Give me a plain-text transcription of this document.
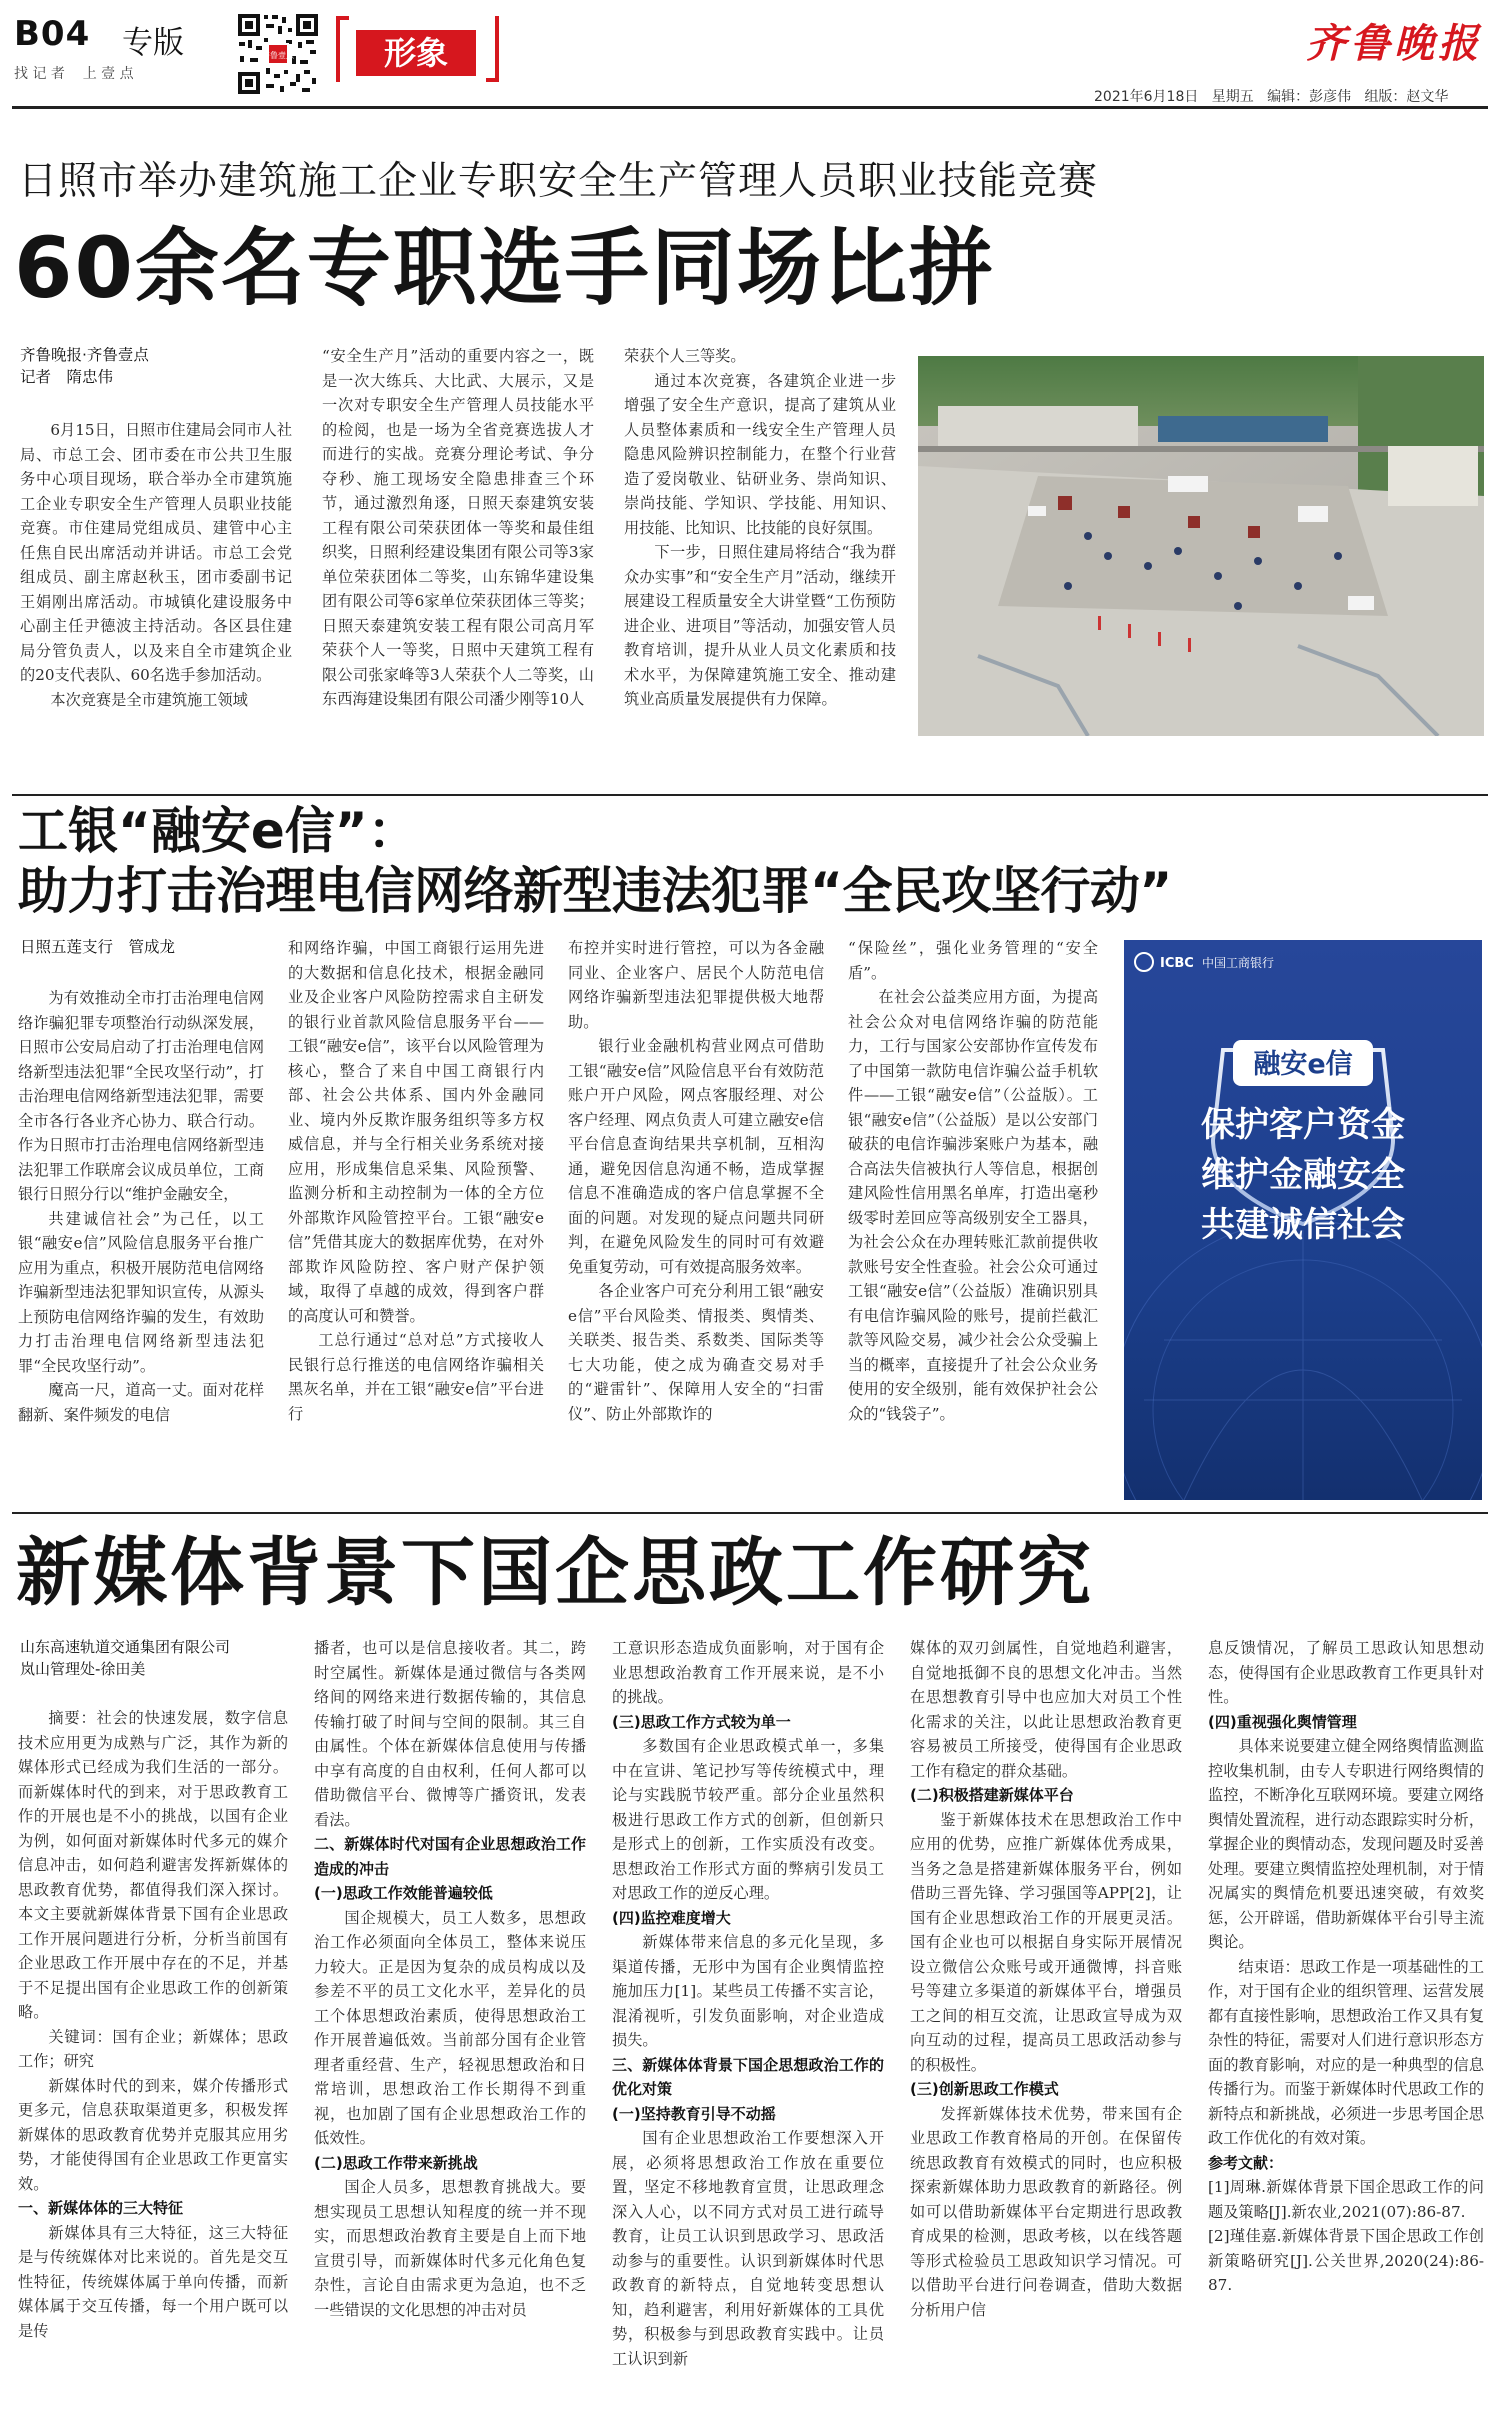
B04 专版
找 记 者    上 壹 点
齐鲁壹点	形象	齐鲁晚报
2021年6月18日 星期五 编辑：彭彦伟 组版：赵文华
日照市举办建筑施工企业专职安全生产管理人员职业技能竞赛
60余名专职选手同场比拼
齐鲁晚报·齐鲁壹点
记者　隋忠伟

6月15日，日照市住建局会同市人社局、市总工会、团市委在市公共卫生服务中心项目现场，联合举办全市建筑施工企业专职安全生产管理人员职业技能竞赛。市住建局党组成员、建管中心主任焦自民出席活动并讲话。市总工会党组成员、副主席赵秋玉，团市委副书记王娟刚出席活动。市城镇化建设服务中心副主任尹德波主持活动。各区县住建局分管负责人，以及来自全市建筑企业的20支代表队、60名选手参加活动。

本次竞赛是全市建筑施工领域

“安全生产月”活动的重要内容之一，既是一次大练兵、大比武、大展示，又是一次对专职安全生产管理人员技能水平的检阅，也是一场为全省竞赛选拔人才而进行的实战。竞赛分理论考试、争分夺秒、施工现场安全隐患排查三个环节，通过激烈角逐，日照天泰建筑安装工程有限公司荣获团体一等奖和最佳组织奖，日照利经建设集团有限公司等3家单位荣获团体二等奖，山东锦华建设集团有限公司等6家单位荣获团体三等奖；日照天泰建筑安装工程有限公司高月军荣获个人一等奖，日照中天建筑工程有限公司张家峰等3人荣获个人二等奖，山东西海建设集团有限公司潘少刚等10人

荣获个人三等奖。

通过本次竞赛，各建筑企业进一步增强了安全生产意识，提高了建筑从业人员整体素质和一线安全生产管理人员隐患风险辨识控制能力，在整个行业营造了爱岗敬业、钻研业务、崇尚知识、崇尚技能、学知识、学技能、用知识、用技能、比知识、比技能的良好氛围。

下一步，日照住建局将结合“我为群众办实事”和“安全生产月”活动，继续开展建设工程质量安全大讲堂暨“工伤预防进企业、进项目”等活动，加强安管人员教育培训，提升从业人员文化素质和技术水平，为保障建筑施工安全、推动建筑业高质量发展提供有力保障。

工银“融安e信”：
助力打击治理电信网络新型违法犯罪“全民攻坚行动”
日照五莲支行　管成龙

为有效推动全市打击治理电信网络诈骗犯罪专项整治行动纵深发展，日照市公安局启动了打击治理电信网络新型违法犯罪“全民攻坚行动”，打击治理电信网络新型违法犯罪，需要全市各行各业齐心协力、联合行动。作为日照市打击治理电信网络新型违法犯罪工作联席会议成员单位，工商银行日照分行以“维护金融安全，

共建诚信社会”为己任，以工银“融安e信”风险信息服务平台推广应用为重点，积极开展防范电信网络诈骗新型违法犯罪知识宣传，从源头上预防电信网络诈骗的发生，有效助力打击治理电信网络新型违法犯罪“全民攻坚行动”。

魔高一尺，道高一丈。面对花样翻新、案件频发的电信

和网络诈骗，中国工商银行运用先进的大数据和信息化技术，根据金融同业及企业客户风险防控需求自主研发的银行业首款风险信息服务平台——工银“融安e信”，该平台以风险管理为核心，整合了来自中国工商银行内部、社会公共体系、国内外金融同业、境内外反欺诈服务组织等多方权威信息，并与全行相关业务系统对接应用，形成集信息采集、风险预警、监测分析和主动控制为一体的全方位外部欺诈风险管控平台。工银“融安e信”凭借其庞大的数据库优势，在对外部欺诈风险防控、客户财产保护领域，取得了卓越的成效，得到客户群的高度认可和赞誉。

工总行通过“总对总”方式接收人民银行总行推送的电信网络诈骗相关黑灰名单，并在工银“融安e信”平台进行

布控并实时进行管控，可以为各金融同业、企业客户、居民个人防范电信网络诈骗新型违法犯罪提供极大地帮助。

银行业金融机构营业网点可借助工银“融安e信”风险信息平台有效防范账户开户风险，网点客服经理、对公客户经理、网点负责人可建立融安e信平台信息查询结果共享机制，互相沟通，避免因信息沟通不畅，造成掌握信息不准确造成的客户信息掌握不全面的问题。对发现的疑点问题共同研判，在避免风险发生的同时可有效避免重复劳动，可有效提高服务效率。

各企业客户可充分利用工银“融安e信”平台风险类、情报类、舆情类、关联类、报告类、系数类、国际类等七大功能，使之成为确查交易对手的“避雷针”、保障用人安全的“扫雷仪”、防止外部欺诈的

“保险丝”，强化业务管理的“安全盾”。

在社会公益类应用方面，为提高社会公众对电信网络诈骗的防范能力，工行与国家公安部协作宣传发布了中国第一款防电信诈骗公益手机软件——工银“融安e信”（公益版）。工银“融安e信”（公益版）是以公安部门破获的电信诈骗涉案账户为基本，融合高法失信被执行人等信息，根据创建风险性信用黑名单库，打造出毫秒级零时差回应等高级别安全工器具，为社会公众在办理转账汇款前提供收款账号安全性查验。社会公众可通过工银“融安e信”（公益版）准确识别具有电信诈骗风险的账号，提前拦截汇款等风险交易，减少社会公众受骗上当的概率，直接提升了社会公众业务使用的安全级别，能有效保护社会公众的“钱袋子”。

ICBC 中国工商银行
融安e信
保护客户资金
维护金融安全
共建诚信社会
新媒体背景下国企思政工作研究
山东高速轨道交通集团有限公司
岚山管理处-徐田美

摘要：社会的快速发展，数字信息技术应用更为成熟与广泛，其作为新的媒体形式已经成为我们生活的一部分。而新媒体时代的到来，对于思政教育工作的开展也是不小的挑战，以国有企业为例，如何面对新媒体时代多元的媒介信息冲击，如何趋利避害发挥新媒体的思政教育优势，都值得我们深入探讨。本文主要就新媒体背景下国有企业思政工作开展问题进行分析，分析当前国有企业思政工作开展中存在的不足，并基于不足提出国有企业思政工作的创新策略。

关键词：国有企业；新媒体；思政工作；研究

新媒体时代的到来，媒介传播形式更多元，信息获取渠道更多，积极发挥新媒体的思政教育优势并克服其应用劣势，才能使得国有企业思政工作更富实效。

一、新媒体体的三大特征

新媒体具有三大特征，这三大特征是与传统媒体对比来说的。首先是交互性特征，传统媒体属于单向传播，而新媒体属于交互传播，每一个用户既可以是传

播者，也可以是信息接收者。其二，跨时空属性。新媒体是通过微信与各类网络间的网络来进行数据传输的，其信息传输打破了时间与空间的限制。其三自由属性。个体在新媒体信息使用与传播中享有高度的自由权利，任何人都可以借助微信平台、微博等广播资讯，发表看法。

二、新媒体时代对国有企业思想政治工作造成的冲击

(一)思政工作效能普遍较低

国企规模大，员工人数多，思想政治工作必须面向全体员工，整体来说压力较大。正是因为复杂的成员构成以及参差不平的员工文化水平，差异化的员工个体思想政治素质，使得思想政治工作开展普遍低效。当前部分国有企业管理者重经营、生产，轻视思想政治和日常培训，思想政治工作长期得不到重视，也加剧了国有企业思想政治工作的低效性。

(二)思政工作带来新挑战

国企人员多，思想教育挑战大。要想实现员工思想认知程度的统一并不现实，而思想政治教育主要是自上而下地宣贯引导，而新媒体时代多元化角色复杂性，言论自由需求更为急迫，也不乏一些错误的文化思想的冲击对员

工意识形态造成负面影响，对于国有企业思想政治教育工作开展来说，是不小的挑战。

(三)思政工作方式较为单一

多数国有企业思政模式单一，多集中在宣讲、笔记抄写等传统模式中，理论与实践脱节较严重。部分企业虽然积极进行思政工作方式的创新，但创新只是形式上的创新，工作实质没有改变。思想政治工作形式方面的弊病引发员工对思政工作的逆反心理。

(四)监控难度增大

新媒体带来信息的多元化呈现，多渠道传播，无形中为国有企业舆情监控施加压力[1]。某些员工传播不实言论，混淆视听，引发负面影响，对企业造成损失。

三、新媒体体背景下国企思想政治工作的优化对策

(一)坚持教育引导不动摇

国有企业思想政治工作要想深入开展，必须将思想政治工作放在重要位置，坚定不移地教育宣贯，让思政理念深入人心，以不同方式对员工进行疏导教育，让员工认识到思政学习、思政活动参与的重要性。认识到新媒体时代思政教育的新特点，自觉地转变思想认知，趋利避害，利用好新媒体的工具优势，积极参与到思政教育实践中。让员工认识到新

媒体的双刃剑属性，自觉地趋利避害，自觉地抵御不良的思想文化冲击。当然在思想教育引导中也应加大对员工个性化需求的关注，以此让思想政治教育更容易被员工所接受，使得国有企业思政工作有稳定的群众基础。

(二)积极搭建新媒体平台

鉴于新媒体技术在思想政治工作中应用的优势，应推广新媒体优秀成果，当务之急是搭建新媒体服务平台，例如借助三晋先锋、学习强国等APP[2]，让国有企业思想政治工作的开展更灵活。国有企业也可以根据自身实际开展情况设立微信公众账号或开通微博，抖音账号等建立多渠道的新媒体平台，增强员工之间的相互交流，让思政宣导成为双向互动的过程，提高员工思政活动参与的积极性。

(三)创新思政工作模式

发挥新媒体技术优势，带来国有企业思政工作教育格局的开创。在保留传统思政教育有效模式的同时，也应积极探索新媒体助力思政教育的新路径。例如可以借助新媒体平台定期进行思政教育成果的检测，思政考核，以在线答题等形式检验员工思政知识学习情况。可以借助平台进行问卷调查，借助大数据分析用户信

息反馈情况，了解员工思政认知思想动态，使得国有企业思政教育工作更具针对性。

(四)重视强化舆情管理

具体来说要建立健全网络舆情监测监控收集机制，由专人专职进行网络舆情的监控，不断净化互联网环境。要建立网络舆情处置流程，进行动态跟踪实时分析，掌握企业的舆情动态，发现问题及时妥善处理。要建立舆情监控处理机制，对于情况属实的舆情危机要迅速突破，有效奖惩，公开辟谣，借助新媒体平台引导主流舆论。

结束语：思政工作是一项基础性的工作，对于国有企业的组织管理、运营发展都有直接性影响，思想政治工作又具有复杂性的特征，需要对人们进行意识形态方面的教育影响，对应的是一种典型的信息传播行为。而鉴于新媒体时代思政工作的新特点和新挑战，必须进一步思考国企思政工作优化的有效对策。

参考文献：

[1]周琳.新媒体背景下国企思政工作的问题及策略[J].新农业,2021(07):86-87.

[2]瑾佳嘉.新媒体背景下国企思政工作创新策略研究[J].公关世界,2020(24):86-87.
